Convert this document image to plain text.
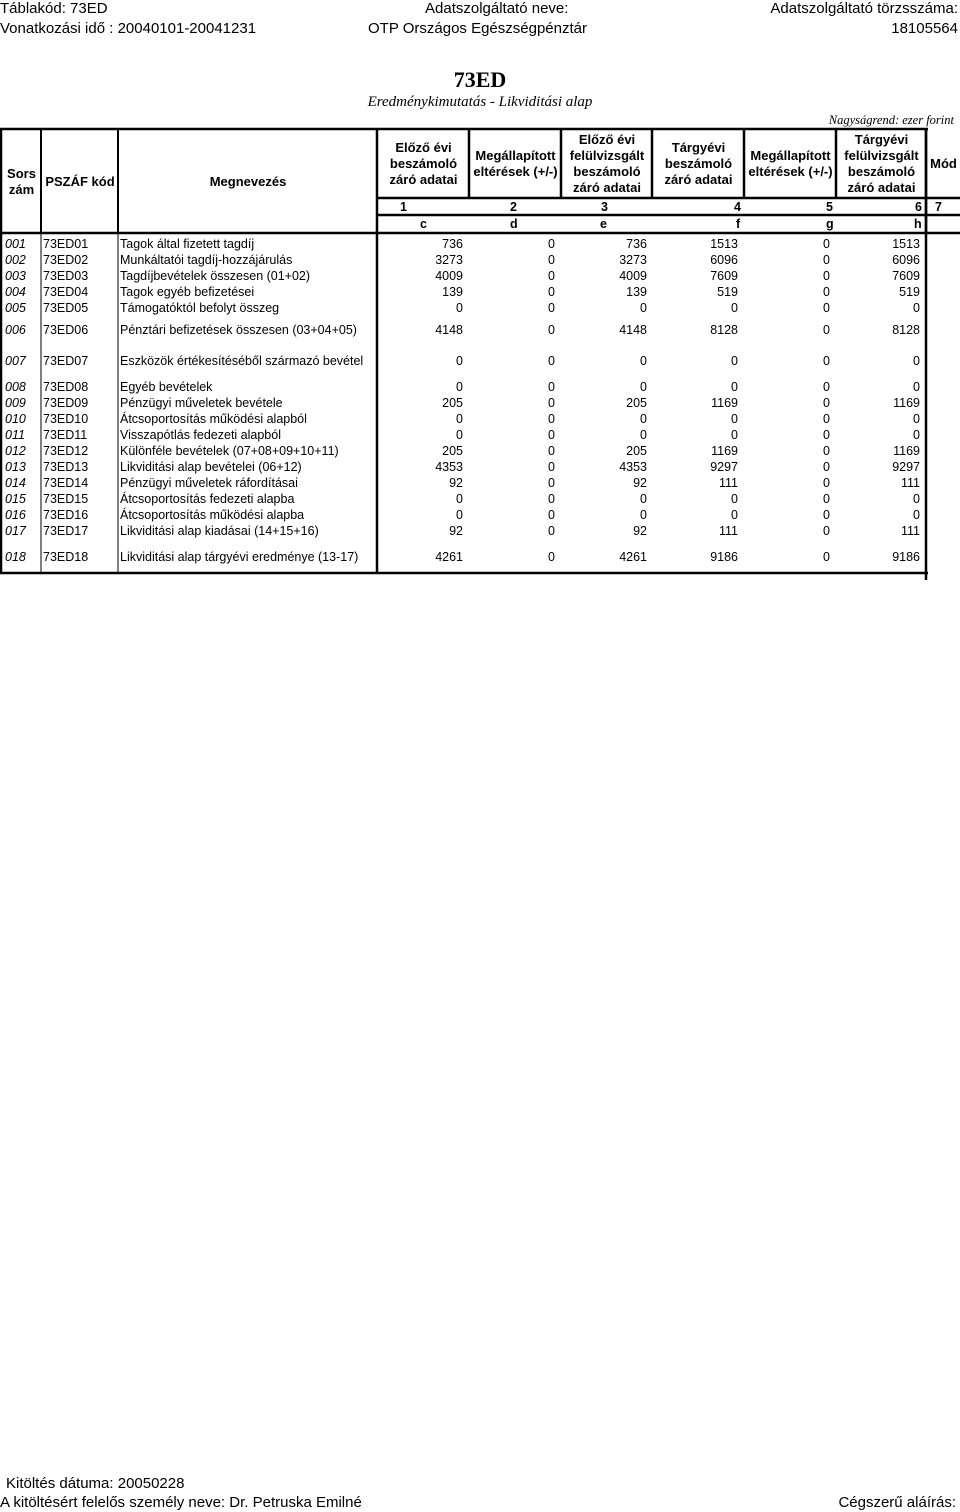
Táblakód: 73ED
Vonatkozási idő : 20040101-20041231
Adatszolgáltató neve:
OTP Országos Egészségpénztár
Adatszolgáltató törzsszáma:
18105564
73ED
Eredménykimutatás - Likviditási alap
Nagyságrend: ezer forint
Sors zám
PSZÁF kód	Megnevezés
Előző évi beszámoló záró adatai
Megállapított eltérések (+/-)
Előző évi felülvizsgált beszámoló záró adatai
Tárgyévi beszámoló záró adatai
Megállapított eltérések (+/-)
Tárgyévi felülvizsgált beszámoló záró adatai
Mód
1	2	3	4	5	6 7
c	d	e	f	g	h
001	73ED01	Tagok által fizetett tagdíj	736	0	736	1513	0	1513
002	73ED02	Munkáltatói tagdíj-hozzájárulás	3273	0	3273	6096	0	6096
003	73ED03	Tagdíjbevételek összesen (01+02)	4009	0	4009	7609	0	7609
004	73ED04	Tagok egyéb befizetései	139	0	139	519	0	519
005	73ED05	Támogatóktól befolyt összeg	0	0	0	0	0	0
006	73ED06	Pénztári befizetések összesen (03+04+05)	4148	0	4148	8128	0	8128
007	73ED07	Eszközök értékesítéséből származó bevétel	0	0	0	0	0	0
008	73ED08	Egyéb bevételek	0	0	0	0	0	0
009	73ED09	Pénzügyi műveletek bevétele	205	0	205	1169	0	1169
010	73ED10	Átcsoportosítás működési alapból	0	0	0	0	0	0
011	73ED11	Visszapótlás fedezeti alapból	0	0	0	0	0	0
012	73ED12	Különféle bevételek (07+08+09+10+11)	205	0	205	1169	0	1169
013	73ED13	Likviditási alap bevételei (06+12)	4353	0	4353	9297	0	9297
014	73ED14	Pénzügyi műveletek ráfordításai	92	0	92	111	0	111
015	73ED15	Átcsoportosítás fedezeti alapba	0	0	0	0	0	0
016	73ED16	Átcsoportosítás működési alapba	0	0	0	0	0	0
017	73ED17	Likviditási alap kiadásai (14+15+16)	92	0	92	111	0	111
018	73ED18	Likviditási alap tárgyévi eredménye (13-17)	4261	0	4261	9186	0	9186
Kitöltés dátuma: 20050228
A kitöltésért felelős személy neve: Dr. Petruska Emilné	Cégszerű aláírás:
